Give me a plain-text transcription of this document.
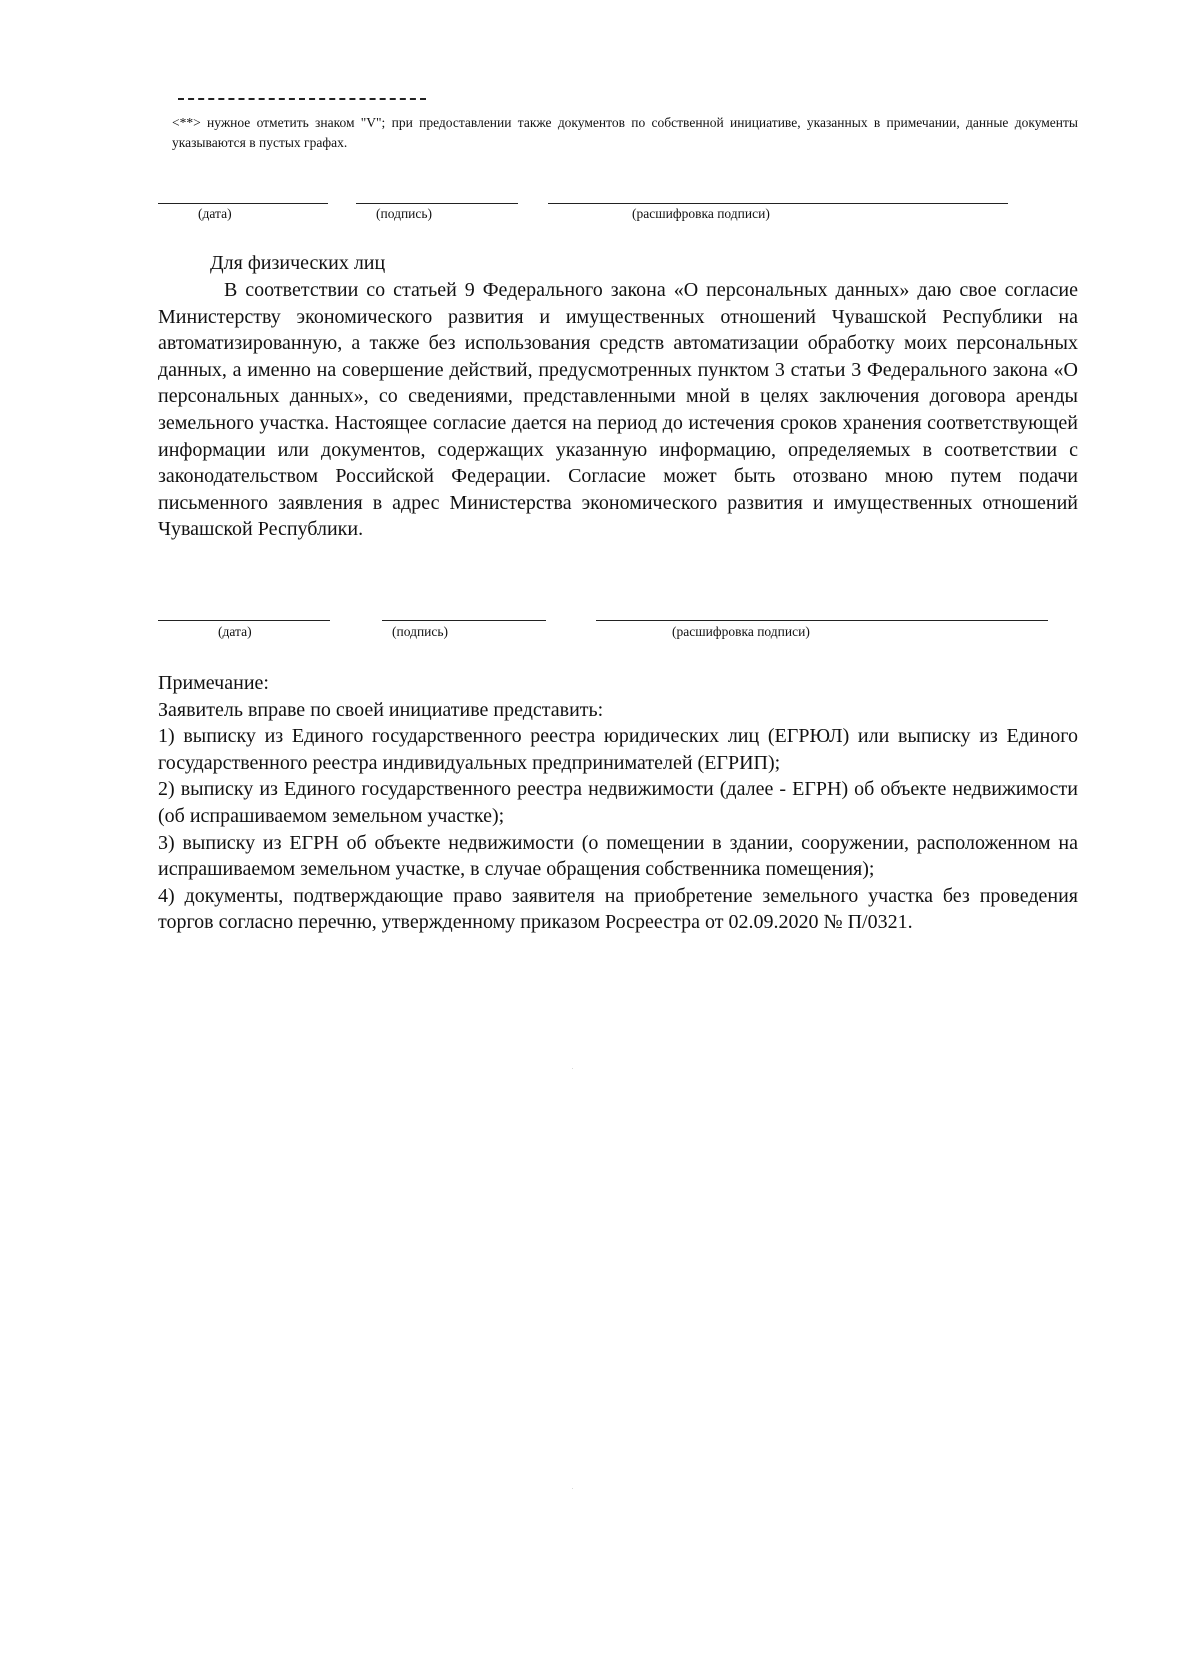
<**> нужное отметить знаком "V"; при предоставлении также документов по собственной инициативе, указанных в примечании, данные документы указываются в пустых графах.
(дата)	(подпись)	(расшифровка подписи)
Для физических лиц

В соответствии со статьей 9 Федерального закона «О персональных данных» даю свое согласие Министерству экономического развития и имущественных отношений Чувашской Республики на автоматизированную, а также без использования средств автоматизации обработку моих персональных данных, а именно на совершение действий, предусмотренных пунктом 3 статьи 3 Федерального закона «О персональных данных», со сведениями, представленными мной в целях заключения договора аренды земельного участка. Настоящее согласие дается на период до истечения сроков хранения соответствующей информации или документов, содержащих указанную информацию, определяемых в соответствии с законодательством Российской Федерации. Согласие может быть отозвано мною путем подачи письменного заявления в адрес Министерства экономического развития и имущественных отношений Чувашской Республики.

(дата)	(подпись)	(расшифровка подписи)

Примечание:

Заявитель вправе по своей инициативе представить:

1) выписку из Единого государственного реестра юридических лиц (ЕГРЮЛ) или выписку из Единого государственного реестра индивидуальных предпринимателей (ЕГРИП);

2) выписку из Единого государственного реестра недвижимости (далее - ЕГРН) об объекте недвижимости (об испрашиваемом земельном участке);

3) выписку из ЕГРН об объекте недвижимости (о помещении в здании, сооружении, расположенном на испрашиваемом земельном участке, в случае обращения собственника помещения);

4) документы, подтверждающие право заявителя на приобретение земельного участка без проведения торгов согласно перечню, утвержденному приказом Росреестра от 02.09.2020 № П/0321.
